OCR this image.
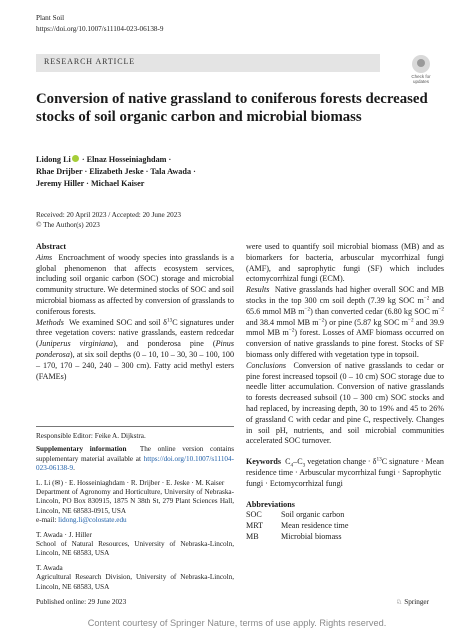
Plant Soil
https://doi.org/10.1007/s11104-023-06138-9
RESEARCH ARTICLE
Check for updates
Conversion of native grassland to coniferous forests decreased stocks of soil organic carbon and microbial biomass
Lidong Li · Elnaz Hosseiniaghdam ·
Rhae Drijber · Elizabeth Jeske · Tala Awada ·
Jeremy Hiller · Michael Kaiser
Received: 20 April 2023 / Accepted: 20 June 2023
© The Author(s) 2023
Abstract
Aims Encroachment of woody species into grasslands is a global phenomenon that affects ecosystem services, including soil organic carbon (SOC) storage and microbial community structure. We determined stocks of SOC and soil microbial biomass as affected by conversion of grasslands to coniferous forests.
Methods We examined SOC and soil $\delta^{13}C$ signatures under three vegetation covers: native grasslands, eastern redcedar (Juniperus virginiana), and ponderosa pine (Pinus ponderosa), at six soil depths (0 – 10, 10 – 30, 30 – 100, 100 – 170, 170 – 240, 240 – 300 cm). Fatty acid methyl esters (FAMEs)
Responsible Editor: Feike A. Dijkstra.
Supplementary information The online version contains supplementary material available at https://doi.org/10.1007/s11104-023-06138-9.
L. Li (✉) · E. Hosseiniaghdam · R. Drijber · E. Jeske · M. Kaiser
Department of Agronomy and Horticulture, University of Nebraska-Lincoln, PO Box 830915, 1875 N 38th St, 279 Plant Sciences Hall, Lincoln, NE 68583-0915, USA
e-mail: lidong.li@colostate.edu
T. Awada · J. Hiller
School of Natural Resources, University of Nebraska-Lincoln, Lincoln, NE 68583, USA
T. Awada
Agricultural Research Division, University of Nebraska-Lincoln, Lincoln, NE 68583, USA
were used to quantify soil microbial biomass (MB) and as biomarkers for bacteria, arbuscular mycorrhizal fungi (AMF), and saprophytic fungi (SF) which includes ectomycorrhizal fungi (ECM).
Results Native grasslands had higher overall SOC and MB stocks in the top 300 cm soil depth (7.39 kg SOC $m^{-2}$ and 65.6 mmol MB $m^{-2}$) than converted cedar (6.80 kg SOC $m^{-2}$ and 38.4 mmol MB $m^{-2}$) or pine (5.87 kg SOC $m^{-2}$ and 39.9 mmol MB $m^{-2}$) forest. Losses of AMF biomass occurred on conversion of native grasslands to pine forest. Stocks of SF biomass only differed with vegetation type in topsoil.
Conclusions Conversion of native grasslands to cedar or pine forest increased topsoil (0 – 10 cm) SOC storage due to needle litter accumulation. Conversion of native grasslands to forests decreased subsoil (10 – 300 cm) SOC stocks and had replaced, by increasing depth, 30 to 19% and 45 to 26% of grassland C with cedar and pine C, respectively. Changes in soil pH, nutrients, and soil microbial communities accelerated SOC turnover.
Keywords $C_4-C_3$ vegetation change · $\delta^{13}C$ signature · Mean residence time · Arbuscular mycorrhizal fungi · Saprophytic fungi · Ectomycorrhizal fungi
Abbreviations
SOC Soil organic carbon
MRT Mean residence time
MB	Microbial biomass
Published online: 29 June 2023	♘ Springer
Content courtesy of Springer Nature, terms of use apply. Rights reserved.
